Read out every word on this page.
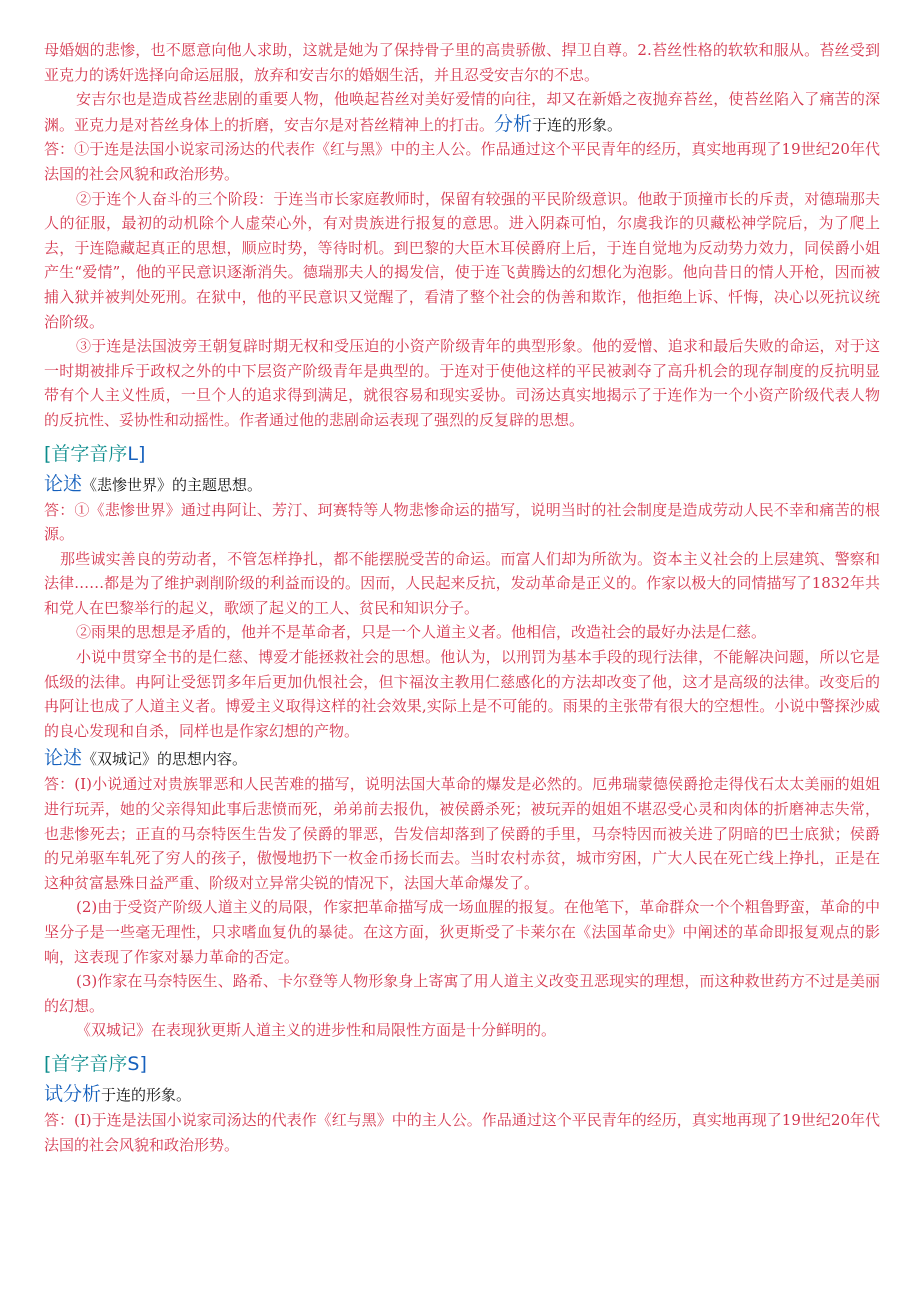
母婚姻的悲惨，也不愿意向他人求助，这就是她为了保持骨子里的高贵骄傲、捍卫自尊。2.苔丝性格的软软和服从。苔丝受到亚克力的诱奸选择向命运屈服，放弃和安吉尔的婚姻生活，并且忍受安吉尔的不忠。

安吉尔也是造成苔丝悲剧的重要人物，他唤起苔丝对美好爱情的向往，却又在新婚之夜抛弃苔丝，使苔丝陷入了痛苦的深渊。亚克力是对苔丝身体上的折磨，安吉尔是对苔丝精神上的打击。分析于连的形象。

答：①于连是法国小说家司汤达的代表作《红与黑》中的主人公。作品通过这个平民青年的经历，真实地再现了19世纪20年代法国的社会风貌和政治形势。

②于连个人奋斗的三个阶段：于连当市长家庭教师时，保留有较强的平民阶级意识。他敢于顶撞市长的斥责，对德瑞那夫人的征服，最初的动机除个人虚荣心外，有对贵族进行报复的意思。进入阴森可怕，尔虞我诈的贝藏松神学院后，为了爬上去，于连隐藏起真正的思想，顺应时势，等待时机。到巴黎的大臣木耳侯爵府上后，于连自觉地为反动势力效力，同侯爵小姐产生“爱情”，他的平民意识逐渐消失。德瑞那夫人的揭发信，使于连飞黄腾达的幻想化为泡影。他向昔日的情人开枪，因而被捕入狱并被判处死刑。在狱中，他的平民意识又觉醒了，看清了整个社会的伪善和欺诈，他拒绝上诉、忏悔，决心以死抗议统治阶级。

③于连是法国波旁王朝复辟时期无权和受压迫的小资产阶级青年的典型形象。他的爱憎、追求和最后失败的命运，对于这一时期被排斥于政权之外的中下层资产阶级青年是典型的。于连对于使他这样的平民被剥夺了高升机会的现存制度的反抗明显带有个人主义性质，一旦个人的追求得到满足，就很容易和现实妥协。司汤达真实地揭示了于连作为一个小资产阶级代表人物的反抗性、妥协性和动摇性。作者通过他的悲剧命运表现了强烈的反复辟的思想。

[首字音序L]

论述《悲惨世界》的主题思想。

答：①《悲惨世界》通过冉阿让、芳汀、珂赛特等人物悲惨命运的描写，说明当时的社会制度是造成劳动人民不幸和痛苦的根源。

那些诚实善良的劳动者，不管怎样挣扎，都不能摆脱受苦的命运。而富人们却为所欲为。资本主义社会的上层建筑、警察和法律……都是为了维护剥削阶级的利益而设的。因而，人民起来反抗，发动革命是正义的。作家以极大的同情描写了1832年共和党人在巴黎举行的起义，歌颂了起义的工人、贫民和知识分子。

②雨果的思想是矛盾的，他并不是革命者，只是一个人道主义者。他相信，改造社会的最好办法是仁慈。

小说中贯穿全书的是仁慈、博爱才能拯救社会的思想。他认为，以刑罚为基本手段的现行法律，不能解决问题，所以它是低级的法律。冉阿让受惩罚多年后更加仇恨社会，但卞福汝主教用仁慈感化的方法却改变了他，这才是高级的法律。改变后的冉阿让也成了人道主义者。博爱主义取得这样的社会效果,实际上是不可能的。雨果的主张带有很大的空想性。小说中警探沙威的良心发现和自杀，同样也是作家幻想的产物。

论述《双城记》的思想内容。

答：(I)小说通过对贵族罪恶和人民苦难的描写，说明法国大革命的爆发是必然的。厄弗瑞蒙德侯爵抢走得伐石太太美丽的姐姐进行玩弄，她的父亲得知此事后悲愤而死，弟弟前去报仇，被侯爵杀死；被玩弄的姐姐不堪忍受心灵和肉体的折磨神志失常，也悲惨死去；正直的马奈特医生告发了侯爵的罪恶，告发信却落到了侯爵的手里，马奈特因而被关进了阴暗的巴士底狱；侯爵的兄弟驱车轧死了穷人的孩子，傲慢地扔下一枚金币扬长而去。当时农村赤贫，城市穷困，广大人民在死亡线上挣扎，正是在这种贫富悬殊日益严重、阶级对立异常尖锐的情况下，法国大革命爆发了。

(2)由于受资产阶级人道主义的局限，作家把革命描写成一场血腥的报复。在他笔下，革命群众一个个粗鲁野蛮，革命的中坚分子是一些毫无理性，只求嗜血复仇的暴徒。在这方面，狄更斯受了卡莱尔在《法国革命史》中阐述的革命即报复观点的影响，这表现了作家对暴力革命的否定。

(3)作家在马奈特医生、路希、卡尔登等人物形象身上寄寓了用人道主义改变丑恶现实的理想，而这种救世药方不过是美丽的幻想。

《双城记》在表现狄更斯人道主义的进步性和局限性方面是十分鲜明的。

[首字音序S]

试分析于连的形象。

答：(I)于连是法国小说家司汤达的代表作《红与黑》中的主人公。作品通过这个平民青年的经历，真实地再现了19世纪20年代法国的社会风貌和政治形势。
